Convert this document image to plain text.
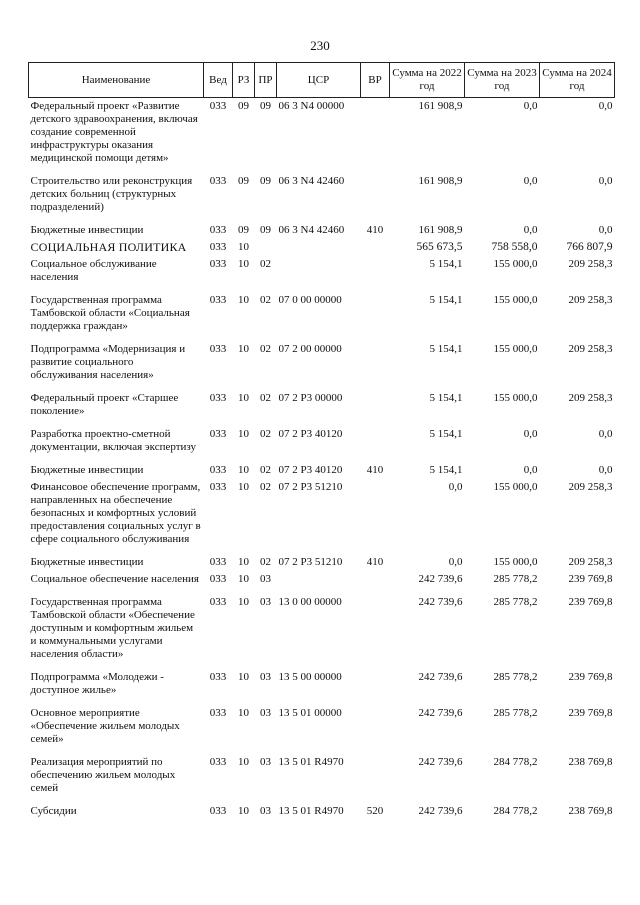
230
Наименование	Вед	РЗ	ПР	ЦСР	ВР	Сумма на 2022 год	Сумма на 2023 год	Сумма на 2024 год
Федеральный проект «Развитие детского здравоохранения, включая создание современной инфраструктуры оказания медицинской помощи детям»	033	09	09	06 3 N4 00000		161 908,9	0,0	0,0
Строительство или реконструкция детских больниц (структурных подразделений)	033	09	09	06 3 N4 42460		161 908,9	0,0	0,0
Бюджетные инвестиции	033	09	09	06 3 N4 42460	410	161 908,9	0,0	0,0
СОЦИАЛЬНАЯ ПОЛИТИКА	033	10				565 673,5	758 558,0	766 807,9
Социальное обслуживание населения	033	10	02			5 154,1	155 000,0	209 258,3
Государственная программа Тамбовской области «Социальная поддержка граждан»	033	10	02	07 0 00 00000		5 154,1	155 000,0	209 258,3
Подпрограмма «Модернизация и развитие социального обслуживания населения»	033	10	02	07 2 00 00000		5 154,1	155 000,0	209 258,3
Федеральный проект «Старшее поколение»	033	10	02	07 2 P3 00000		5 154,1	155 000,0	209 258,3
Разработка проектно-сметной документации, включая экспертизу	033	10	02	07 2 P3 40120		5 154,1	0,0	0,0
Бюджетные инвестиции	033	10	02	07 2 P3 40120	410	5 154,1	0,0	0,0
Финансовое обеспечение программ, направленных на обеспечение безопасных и комфортных условий предоставления социальных услуг в сфере социального обслуживания	033	10	02	07 2 P3 51210		0,0	155 000,0	209 258,3
Бюджетные инвестиции	033	10	02	07 2 P3 51210	410	0,0	155 000,0	209 258,3
Социальное обеспечение населения	033	10	03			242 739,6	285 778,2	239 769,8
Государственная программа Тамбовской области «Обеспечение доступным и комфортным жильем и коммунальными услугами населения области»	033	10	03	13 0 00 00000		242 739,6	285 778,2	239 769,8
Подпрограмма «Молодежи - доступное жилье»	033	10	03	13 5 00 00000		242 739,6	285 778,2	239 769,8
Основное мероприятие «Обеспечение жильем молодых семей»	033	10	03	13 5 01 00000		242 739,6	285 778,2	239 769,8
Реализация мероприятий по обеспечению жильем молодых семей	033	10	03	13 5 01 R4970		242 739,6	284 778,2	238 769,8
Субсидии	033	10	03	13 5 01 R4970	520	242 739,6	284 778,2	238 769,8
